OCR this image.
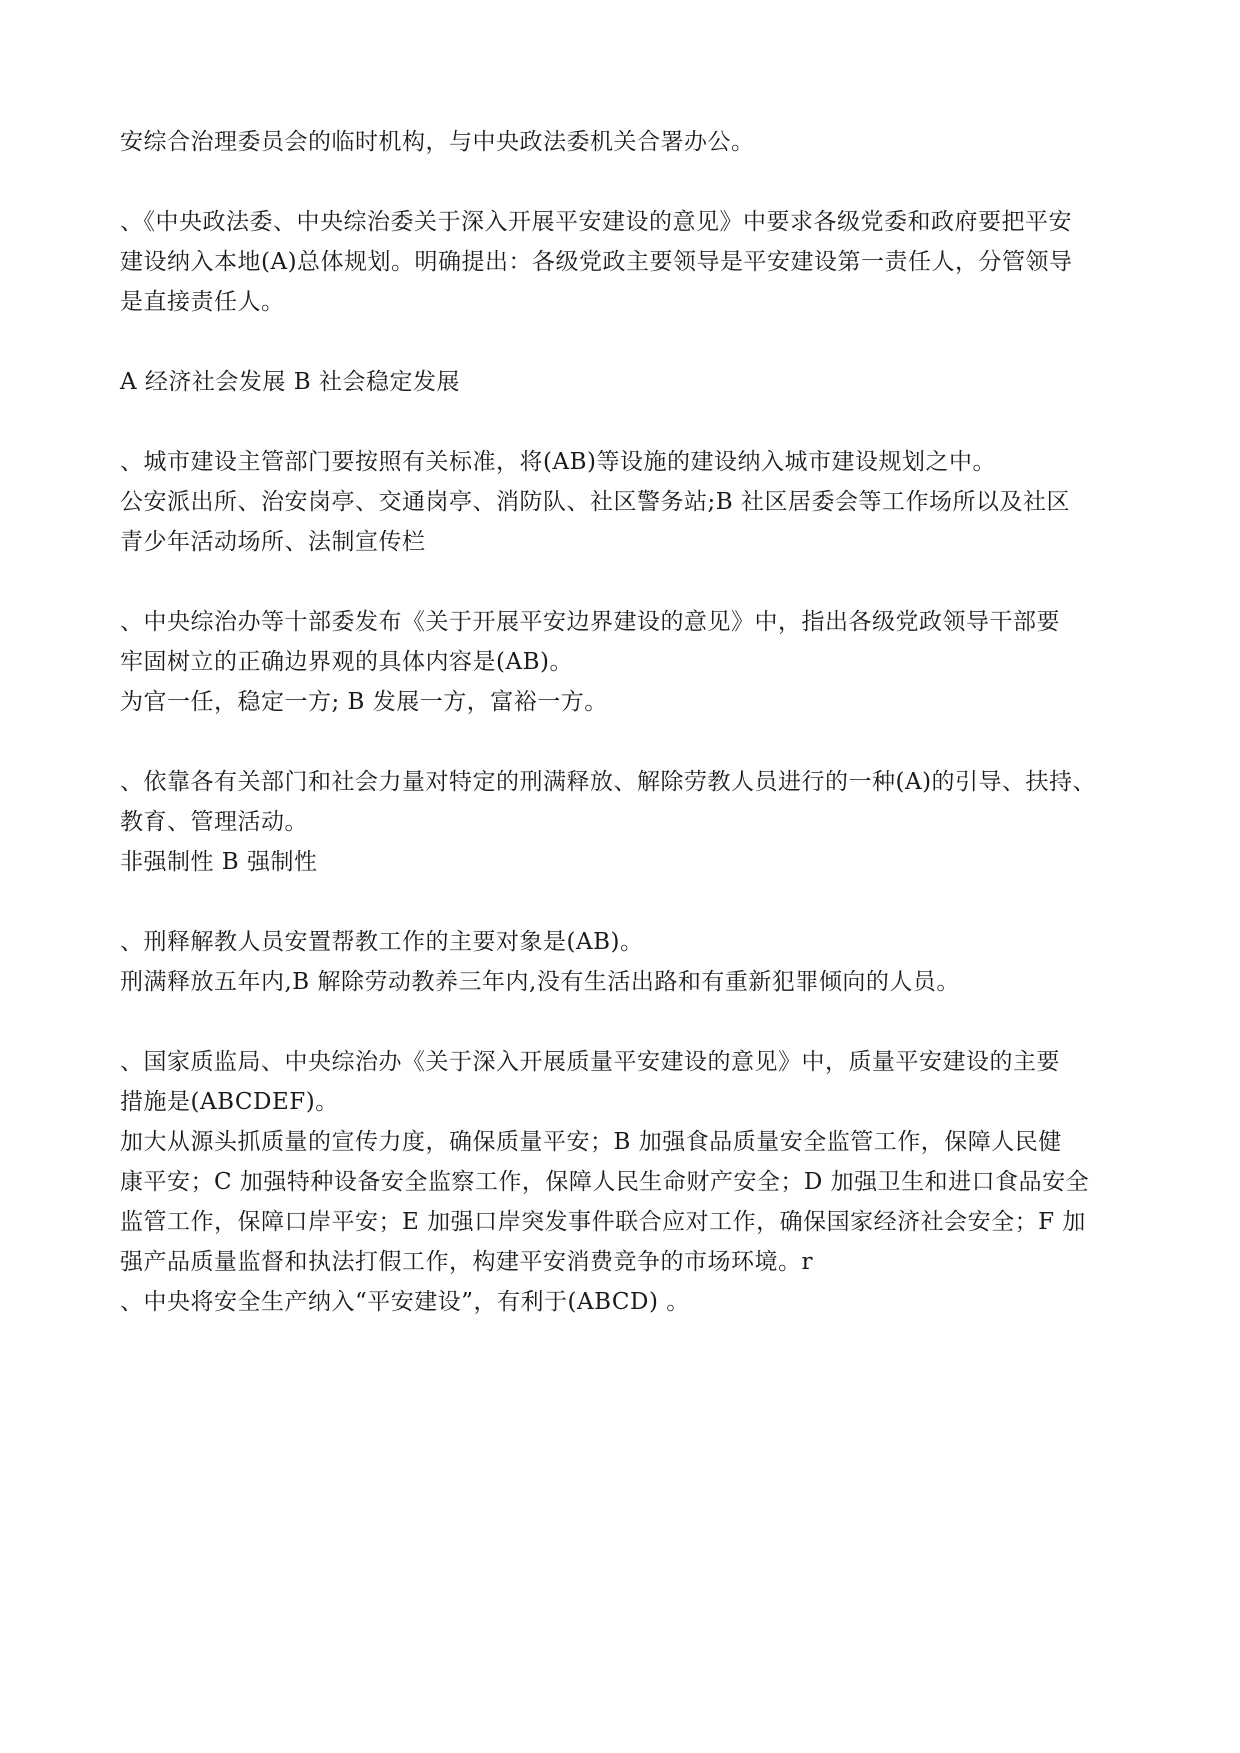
安综合治理委员会的临时机构，与中央政法委机关合署办公。
、《中央政法委、中央综治委关于深入开展平安建设的意见》中要求各级党委和政府要把平安
建设纳入本地(A)总体规划。明确提出：各级党政主要领导是平安建设第一责任人，分管领导
是直接责任人。
A 经济社会发展 B 社会稳定发展
、城市建设主管部门要按照有关标准，将(AB)等设施的建设纳入城市建设规划之中。
公安派出所、治安岗亭、交通岗亭、消防队、社区警务站;B 社区居委会等工作场所以及社区
青少年活动场所、法制宣传栏
、中央综治办等十部委发布《关于开展平安边界建设的意见》中，指出各级党政领导干部要
牢固树立的正确边界观的具体内容是(AB)。
为官一任，稳定一方; B 发展一方，富裕一方。
、依靠各有关部门和社会力量对特定的刑满释放、解除劳教人员进行的一种(A)的引导、扶持、
教育、管理活动。
非强制性 B 强制性
、刑释解教人员安置帮教工作的主要对象是(AB)。
刑满释放五年内,B 解除劳动教养三年内,没有生活出路和有重新犯罪倾向的人员。
、国家质监局、中央综治办《关于深入开展质量平安建设的意见》中，质量平安建设的主要
措施是(ABCDEF)。
加大从源头抓质量的宣传力度，确保质量平安；B 加强食品质量安全监管工作，保障人民健
康平安；C 加强特种设备安全监察工作，保障人民生命财产安全；D 加强卫生和进口食品安全
监管工作，保障口岸平安；E 加强口岸突发事件联合应对工作，确保国家经济社会安全；F 加
强产品质量监督和执法打假工作，构建平安消费竞争的市场环境。r
、中央将安全生产纳入“平安建设”，有利于(ABCD) 。
